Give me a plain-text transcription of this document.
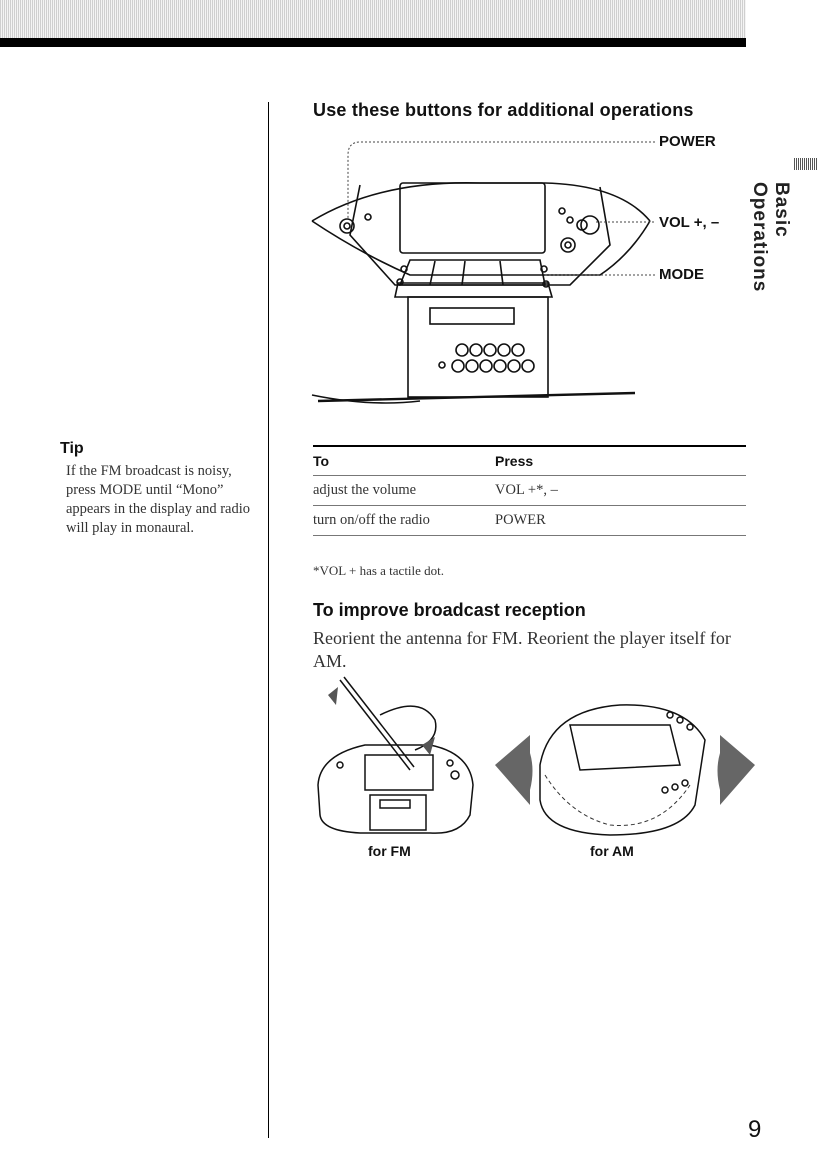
Basic Operations
Tip
If the FM broadcast is noisy, press MODE until “Mono” appears in the display and radio will play in monaural.
Use these buttons for additional operations
POWER
VOL +, –
MODE
To	Press
adjust the volume	VOL +*, –
turn on/off the radio	POWER
*VOL + has a tactile dot.
To improve broadcast reception
Reorient the antenna for FM. Reorient the player itself for AM.
for FM	for AM
9
